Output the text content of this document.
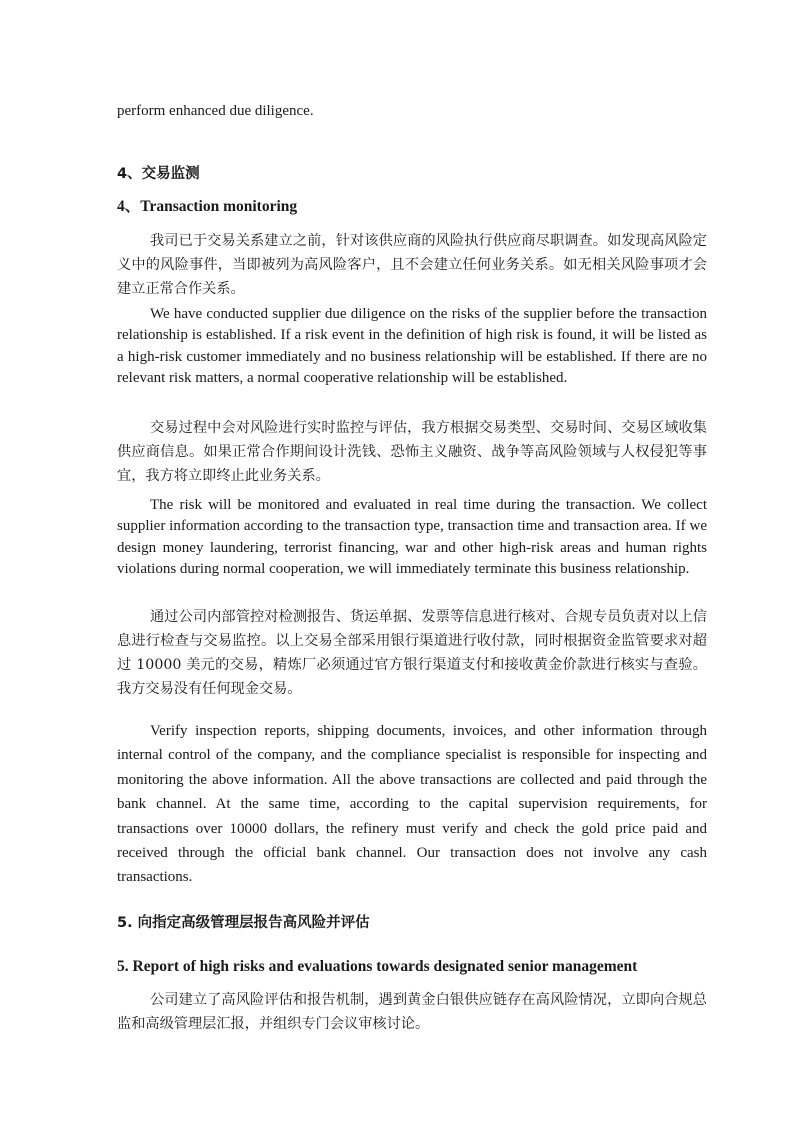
perform enhanced due diligence.

4、交易监测
4、Transaction monitoring

我司已于交易关系建立之前，针对该供应商的风险执行供应商尽职调查。如发现高风险定义中的风险事件，当即被列为高风险客户，且不会建立任何业务关系。如无相关风险事项才会建立正常合作关系。

We have conducted supplier due diligence on the risks of the supplier before the transaction relationship is established. If a risk event in the definition of high risk is found, it will be listed as a high-risk customer immediately and no business relationship will be established. If there are no relevant risk matters, a normal cooperative relationship will be established.

交易过程中会对风险进行实时监控与评估，我方根据交易类型、交易时间、交易区域收集供应商信息。如果正常合作期间设计洗钱、恐怖主义融资、战争等高风险领域与人权侵犯等事宜，我方将立即终止此业务关系。

The risk will be monitored and evaluated in real time during the transaction. We collect supplier information according to the transaction type, transaction time and transaction area. If we design money laundering, terrorist financing, war and other high-risk areas and human rights violations during normal cooperation, we will immediately terminate this business relationship.

通过公司内部管控对检测报告、货运单据、发票等信息进行核对、合规专员负责对以上信息进行检查与交易监控。以上交易全部采用银行渠道进行收付款，同时根据资金监管要求对超过 10000 美元的交易，精炼厂必须通过官方银行渠道支付和接收黄金价款进行核实与查验。我方交易没有任何现金交易。

Verify inspection reports, shipping documents, invoices, and other information through internal control of the company, and the compliance specialist is responsible for inspecting and monitoring the above information. All the above transactions are collected and paid through the bank channel. At the same time, according to the capital supervision requirements, for transactions over 10000 dollars, the refinery must verify and check the gold price paid and received through the official bank channel. Our transaction does not involve any cash transactions.

5. 向指定高级管理层报告高风险并评估
5. Report of high risks and evaluations towards designated senior management

公司建立了高风险评估和报告机制，遇到黄金白银供应链存在高风险情况，立即向合规总监和高级管理层汇报，并组织专门会议审核讨论。
